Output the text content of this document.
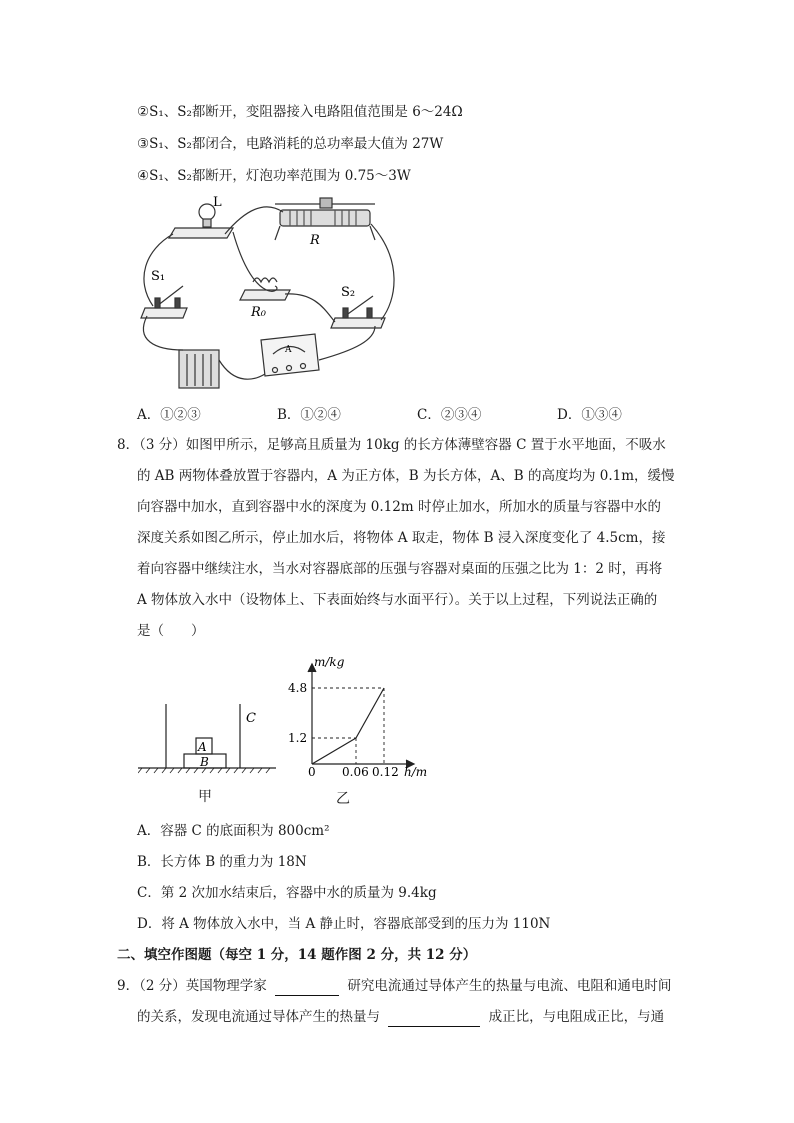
②S₁、S₂都断开，变阻器接入电路阻值范围是 6～24Ω
③S₁、S₂都闭合，电路消耗的总功率最大值为 27W
④S₁、S₂都断开，灯泡功率范围为 0.75～3W
L
R
S₁
S₂
R₀
A
A．①②③	B．①②④	C．②③④	D．①③④
8．（3 分）如图甲所示，足够高且质量为 10kg 的长方体薄壁容器 C 置于水平地面，不吸水
的 AB 两物体叠放置于容器内，A 为正方体，B 为长方体，A、B 的高度均为 0.1m，缓慢
向容器中加水，直到容器中水的深度为 0.12m 时停止加水，所加水的质量与容器中水的
深度关系如图乙所示，停止加水后，将物体 A 取走，物体 B 浸入深度变化了 4.5cm，接
着向容器中继续注水，当水对容器底部的压强与容器对桌面的压强之比为 1：2 时，再将
A 物体放入水中（设物体上、下表面始终与水面平行）。关于以上过程，下列说法正确的
是（　　）
A
B
C
甲
m/kg
4.8
1.2
0 0.06 0.12 h/m
乙
A．容器 C 的底面积为 800cm²
B．长方体 B 的重力为 18N
C．第 2 次加水结束后，容器中水的质量为 9.4kg
D．将 A 物体放入水中，当 A 静止时，容器底部受到的压力为 110N
二、填空作图题（每空 1 分，14 题作图 2 分，共 12 分）
9．（2 分）英国物理学家	研究电流通过导体产生的热量与电流、电阻和通电时间
的关系，发现电流通过导体产生的热量与	成正比，与电阻成正比，与通
